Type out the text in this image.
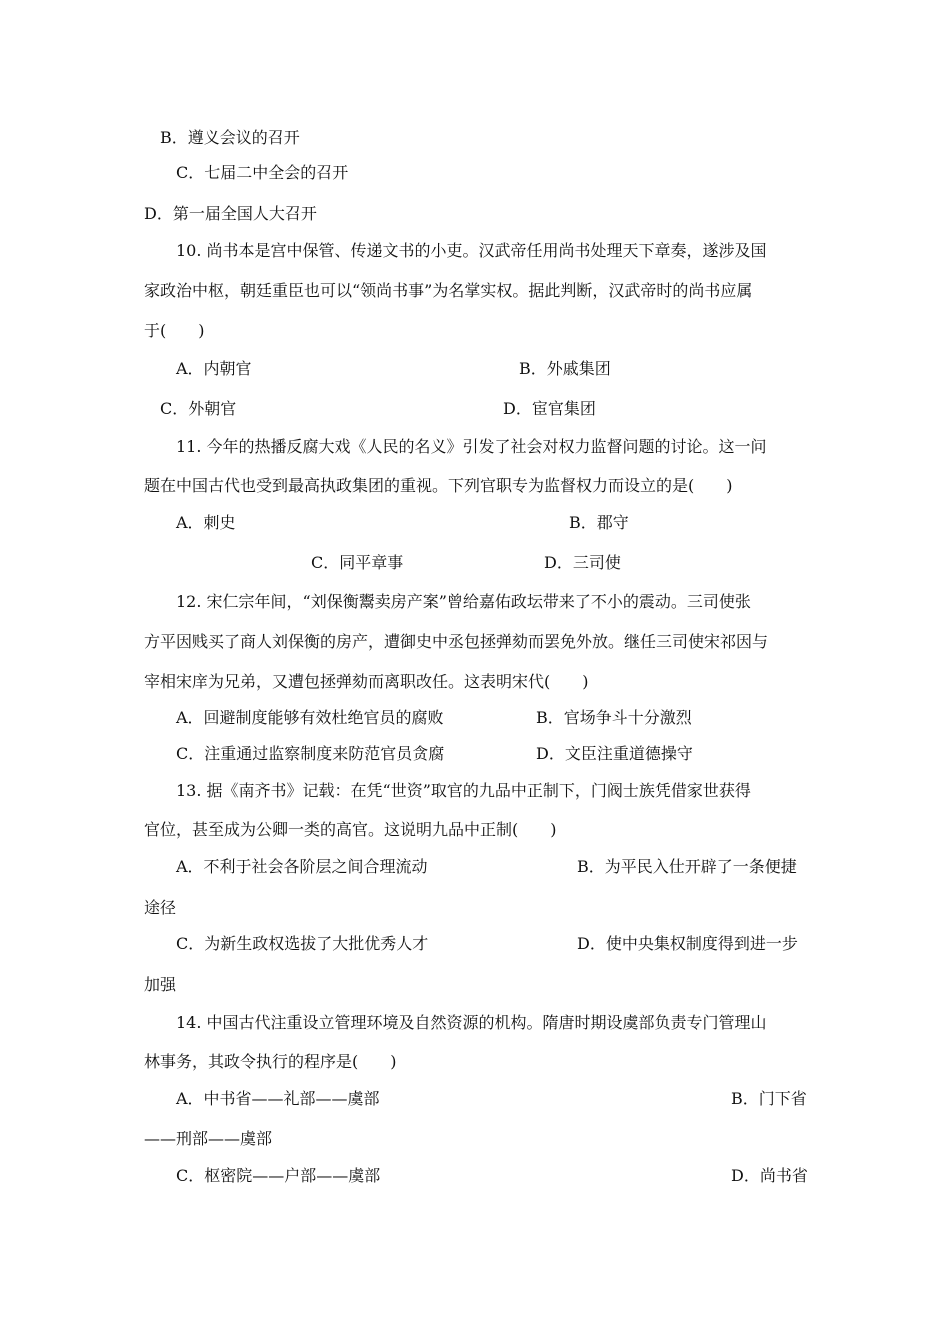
B．遵义会议的召开

C．七届二中全会的召开

D．第一届全国人大召开

10. 尚书本是宫中保管、传递文书的小吏。汉武帝任用尚书处理天下章奏，遂涉及国

家政治中枢，朝廷重臣也可以“领尚书事”为名掌实权。据此判断，汉武帝时的尚书应属

于(　　)

A．内朝官

	B．外戚集团

C．外朝官

	D．宦官集团

11. 今年的热播反腐大戏《人民的名义》引发了社会对权力监督问题的讨论。这一问

题在中国古代也受到最高执政集团的重视。下列官职专为监督权力而设立的是(　　)

A．刺史

	B．郡守

C．同平章事

	D．三司使

12. 宋仁宗年间，“刘保衡鬻卖房产案”曾给嘉佑政坛带来了不小的震动。三司使张

方平因贱买了商人刘保衡的房产，遭御史中丞包拯弹劾而罢免外放。继任三司使宋祁因与

宰相宋庠为兄弟，又遭包拯弹劾而离职改任。这表明宋代(　　)

A．回避制度能够有效杜绝官员的腐败

	B．官场争斗十分激烈

C．注重通过监察制度来防范官员贪腐

	D．文臣注重道德操守

13. 据《南齐书》记载：在凭“世资”取官的九品中正制下，门阀士族凭借家世获得

官位，甚至成为公卿一类的高官。这说明九品中正制(　　)

A．不利于社会各阶层之间合理流动

	B．为平民入仕开辟了一条便捷

途径

C．为新生政权选拔了大批优秀人才

	D．使中央集权制度得到进一步

加强

14. 中国古代注重设立管理环境及自然资源的机构。隋唐时期设虞部负责专门管理山

林事务，其政令执行的程序是(　　)

A．中书省——礼部——虞部

	B．门下省

——刑部——虞部

C．枢密院——户部——虞部

	D．尚书省
